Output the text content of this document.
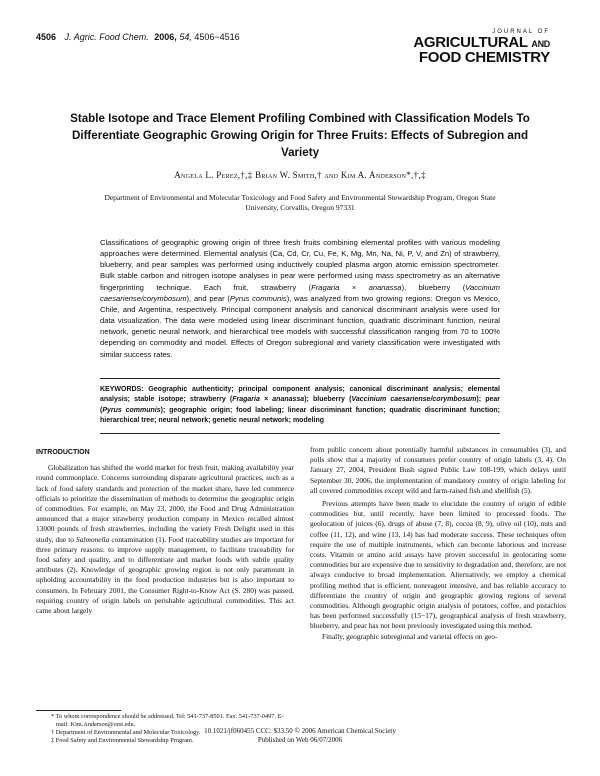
4506 J. Agric. Food Chem. 2006, 54, 4506−4516	JOURNAL OF
AGRICULTURAL AND
FOOD CHEMISTRY
Stable Isotope and Trace Element Profiling Combined with Classification Models To Differentiate Geographic Growing Origin for Three Fruits: Effects of Subregion and Variety
Angela L. Perez,†,‡ Brian W. Smith,† and Kim A. Anderson*,†,‡
Department of Environmental and Molecular Toxicology and Food Safety and Environmental Stewardship Program, Oregon State University, Corvallis, Oregon 97331
Classifications of geographic growing origin of three fresh fruits combining elemental profiles with various modeling approaches were determined. Elemental analysis (Ca, Cd, Cr, Cu, Fe, K, Mg, Mn, Na, Ni, P, V, and Zn) of strawberry, blueberry, and pear samples was performed using inductively coupled plasma argon atomic emission spectrometer. Bulk stable carbon and nitrogen isotope analyses in pear were performed using mass spectrometry as an alternative fingerprinting technique. Each fruit, strawberry (Fragaria × ananassa), blueberry (Vaccinium caesariense/corymbosum), and pear (Pyrus communis), was analyzed from two growing regions: Oregon vs Mexico, Chile, and Argentina, respectively. Principal component analysis and canonical discriminant analysis were used for data visualization. The data were modeled using linear discriminant function, quadratic discriminant function, neural network, genetic neural network, and hierarchical tree models with successful classification ranging from 70 to 100% depending on commodity and model. Effects of Oregon subregional and variety classification were investigated with similar success rates.
KEYWORDS: Geographic authenticity; principal component analysis; canonical discriminant analysis; elemental analysis; stable isotope; strawberry (Fragaria × ananassa); blueberry (Vaccinium caesariense/corymbosum); pear (Pyrus communis); geographic origin; food labeling; linear discriminant function; quadratic discriminant function; hierarchical tree; neural network; genetic neural network; modeling
INTRODUCTION

Globalization has shifted the world market for fresh fruit, making availability year round commonplace. Concerns surrounding disparate agricultural practices, such as a lack of food safety standards and protection of the market share, have led commerce officials to prioritize the dissemination of methods to determine the geographic origin of commodities. For example, on May 23, 2000, the Food and Drug Administration announced that a major strawberry production company in Mexico recalled almost 13000 pounds of fresh strawberries, including the variety Fresh Delight used in this study, due to Salmonella contamination (1). Food traceability studies are important for three primary reasons: to improve supply management, to facilitate traceability for food safety and quality, and to differentiate and market foods with subtle quality attributes (2). Knowledge of geographic growing region is not only paramount in upholding accountability in the food production industries but is also important to consumers. In February 2001, the Consumer Right-to-Know Act (S. 280) was passed, requiring country of origin labels on perishable agricultural commodities. This act came about largely

from public concern about potentially harmful substances in consumables (3), and polls show that a majority of consumers prefer country of origin labels (3, 4). On January 27, 2004, President Bush signed Public Law 108-199, which delays until September 30, 2006, the implementation of mandatory country of origin labeling for all covered commodities except wild and farm-raised fish and shellfish (5).

Previous attempts have been made to elucidate the country of origin of edible commodities but, until recently, have been limited to processed foods. The geolocation of juices (6), drugs of abuse (7, 8), cocoa (8, 9), olive oil (10), nuts and coffee (11, 12), and wine (13, 14) has had moderate success. These techniques often require the use of multiple instruments, which can become laborious and increase costs. Vitamin or amino acid assays have proven successful in geolocating some commodities but are expensive due to sensitivity to degradation and, therefore, are not always conducive to broad implementation. Alternatively, we employ a chemical profiling method that is efficient, nonreagent intensive, and has reliable accuracy to differentiate the country of origin and geographic growing regions of several commodities. Although geographic origin analysis of potatoes, coffee, and pistachios has been performed successfully (15−17), geographical analysis of fresh strawberry, blueberry, and pear has not been previously investigated using this method.

Finally, geographic subregional and varietal effects on geo-

* To whom correspondence should be addressed. Tel: 541-737-8501. Fax: 541-737-0497. E-mail: Kim.Anderson@orst.edu.
† Department of Environmental and Molecular Toxicology.
‡ Food Safety and Environmental Stewardship Program.
10.1021/jf060455 CCC: $33.50 © 2006 American Chemical Society
Published on Web 06/07/2006
